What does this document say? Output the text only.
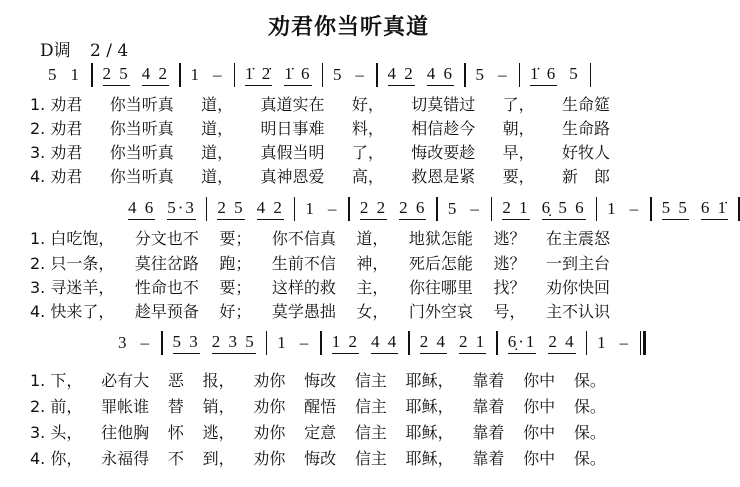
劝君你当听真道
D调 2 / 4
5 1 2 5 4 2 1 – 1̇ 2̇ 1̇ 6 5 – 4 2 4 6 5 – 1̇ 6 5
4 6 5·3 2 5 4 2 1 – 2 2 2 6 5 – 2 1 6̣ 5 6 1 – 5 5 6 1̇
3 – 5 3 2 3 5 1 – 1 2 4 4 2 4 2 1 6̣·1 2 4 1 –
1. 劝君 你当听真 道， 真道实在 好， 切莫错过 了， 生命筵
2. 劝君 你当听真 道， 明日事难 料， 相信趁今 朝， 生命路
3. 劝君 你当听真 道， 真假当明 了， 悔改要趁 早， 好牧人
4. 劝君 你当听真 道， 真神恩爱 高， 救恩是紧 要， 新　郎
1. 白吃饱， 分文也不 要； 你不信真 道， 地狱怎能 逃？ 在主震怒
2. 只一条， 莫往岔路 跑； 生前不信 神， 死后怎能 逃？ 一到主台
3. 寻迷羊， 性命也不 要； 这样的救 主， 你往哪里 找？ 劝你快回
4. 快来了， 趁早预备 好； 莫学愚拙 女， 门外空哀 号， 主不认识
1. 下， 必有大 恶 报， 劝你 悔改 信主 耶稣， 靠着 你中 保。
2. 前， 罪帐谁 替 销， 劝你 醒悟 信主 耶稣， 靠着 你中 保。
3. 头， 往他胸 怀 逃， 劝你 定意 信主 耶稣， 靠着 你中 保。
4. 你， 永福得 不 到， 劝你 悔改 信主 耶稣， 靠着 你中 保。
